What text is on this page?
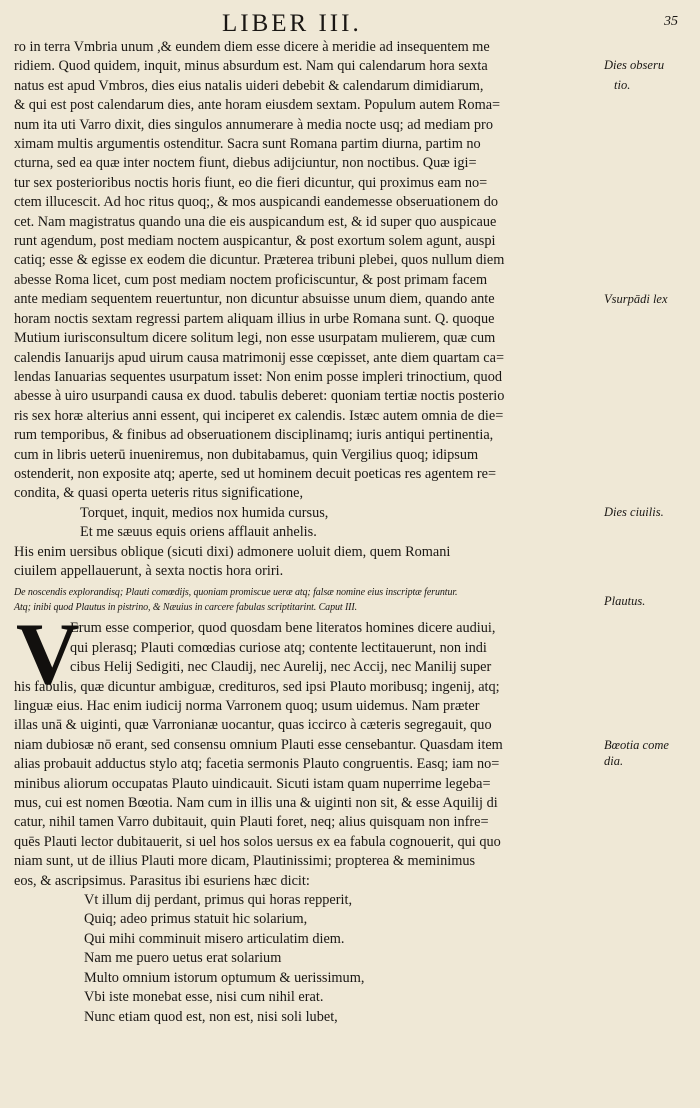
LIBER III.	35
ro in terra Vmbria unum ,& eundem diem esse dicere à meridie ad insequentem me
ridiem. Quod quidem, inquit, minus absurdum est. Nam qui calendarum hora sexta
natus est apud Vmbros, dies eius natalis uideri debebit & calendarum dimidiarum,
& qui est post calendarum dies, ante horam eiusdem sextam. Populum autem Roma=
num ita uti Varro dixit, dies singulos annumerare à media nocte usq; ad mediam pro
ximam multis argumentis ostenditur. Sacra sunt Romana partim diurna, partim no
cturna, sed ea quæ inter noctem fiunt, diebus adijciuntur, non noctibus. Quæ igi=
tur sex posterioribus noctis horis fiunt, eo die fieri dicuntur, qui proximus eam no=
ctem illucescit. Ad hoc ritus quoq;, & mos auspicandi eandemesse obseruationem do
cet. Nam magistratus quando una die eis auspicandum est, & id super quo auspicaue
runt agendum, post mediam noctem auspicantur, & post exortum solem agunt, auspi
catiq; esse & egisse ex eodem die dicuntur. Præterea tribuni plebei, quos nullum diem
abesse Roma licet, cum post mediam noctem proficiscuntur, & post primam facem
ante mediam sequentem reuertuntur, non dicuntur absuisse unum diem, quando ante
horam noctis sextam regressi partem aliquam illius in urbe Romana sunt. Q. quoque
Mutium iurisconsultum dicere solitum legi, non esse usurpatam mulierem, quæ cum
calendis Ianuarijs apud uirum causa matrimonij esse cœpisset, ante diem quartam ca=
lendas Ianuarias sequentes usurpatum isset: Non enim posse impleri trinoctium, quod
abesse à uiro usurpandi causa ex duod. tabulis deberet: quoniam tertiæ noctis posterio
ris sex horæ alterius anni essent, qui inciperet ex calendis. Istæc autem omnia de die=
rum temporibus, & finibus ad obseruationem disciplinamq; iuris antiqui pertinentia,
cum in libris ueterū inueniremus, non dubitabamus, quin Vergilius quoq; idipsum
ostenderit, non exposite atq; aperte, sed ut hominem decuit poeticas res agentem re=
condita, & quasi operta ueteris ritus significatione,
Torquet, inquit, medios nox humida cursus,
Et me sæuus equis oriens afflauit anhelis.
His enim uersibus oblique (sicuti dixi) admonere uoluit diem, quem Romani
ciuilem appellauerunt, à sexta noctis hora oriri.
De noscendis explorandisq; Plauti comœdijs, quoniam promiscue ueræ atq; falsæ nomine eius inscriptæ feruntur.
Atq; inibi quod Plautus in pistrino, & Næuius in carcere fabulas scriptitarint. Caput III.
V
Erum esse comperior, quod quosdam bene literatos homines dicere audiui,
qui plerasq; Plauti comœdias curiose atq; contente lectitauerunt, non indi
cibus Helij Sedigiti, nec Claudij, nec Aurelij, nec Accij, nec Manilij super
his fabulis, quæ dicuntur ambiguæ, credituros, sed ipsi Plauto moribusq; ingenij, atq;
linguæ eius. Hac enim iudicij norma Varronem quoq; usum uidemus. Nam præter
illas unā & uiginti, quæ Varronianæ uocantur, quas iccirco à cæteris segregauit, quo
niam dubiosæ nō erant, sed consensu omnium Plauti esse censebantur. Quasdam item
alias probauit adductus stylo atq; facetia sermonis Plauto congruentis. Easq; iam no=
minibus aliorum occupatas Plauto uindicauit. Sicuti istam quam nuperrime legeba=
mus, cui est nomen Bœotia. Nam cum in illis una & uiginti non sit, & esse Aquilij di
catur, nihil tamen Varro dubitauit, quin Plauti foret, neq; alius quisquam non infre=
quēs Plauti lector dubitauerit, si uel hos solos uersus ex ea fabula cognouerit, qui quo
niam sunt, ut de illius Plauti more dicam, Plautinissimi; propterea & meminimus
eos, & ascripsimus. Parasitus ibi esuriens hæc dicit:
Vt illum dij perdant, primus qui horas repperit,
Quiq; adeo primus statuit hic solarium,
Qui mihi comminuit misero articulatim diem.
Nam me puero uetus erat solarium
Multo omnium istorum optumum & uerissimum,
Vbi iste monebat esse, nisi cum nihil erat.
Nunc etiam quod est, non est, nisi soli lubet,
Dies obseru
tio.
Vsurpādi lex
Dies ciuilis.
Plautus.
Bœotia come
dia.
